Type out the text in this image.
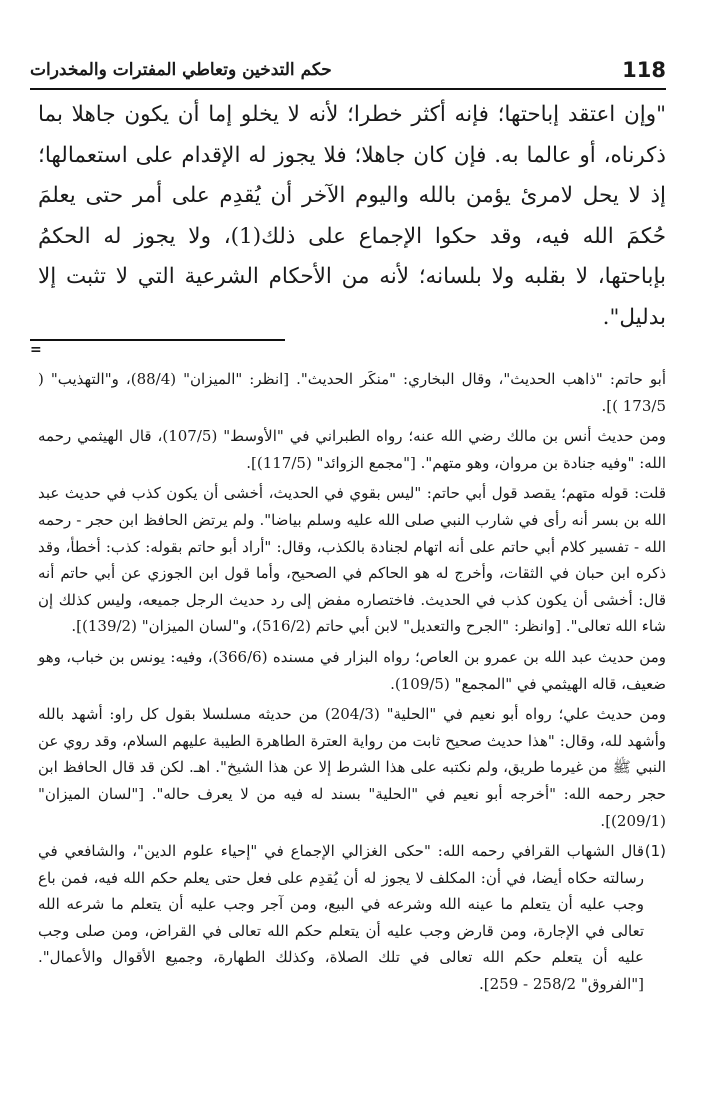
حكم التدخين وتعاطي المفترات والمخدرات	118

"وإن اعتقد إباحتها؛ فإنه أكثر خطرا؛ لأنه لا يخلو إما أن يكون جاهلا بما ذكرناه، أو عالما به. فإن كان جاهلا؛ فلا يجوز له الإقدام على استعمالها؛ إذ لا يحل لامرئ يؤمن بالله واليوم الآخر أن يُقدِم على أمر حتى يعلمَ حُكمَ الله فيه، وقد حكوا الإجماع على ذلك(1)، ولا يجوز له الحكمُ بإباحتها، لا بقلبه ولا بلسانه؛ لأنه من الأحكام الشرعية التي لا تثبت إلا بدليل".

=

أبو حاتم: "ذاهب الحديث"، وقال البخاري: "منكَر الحديث". [انظر: "الميزان" (88/4)، و"التهذيب" ( 173/5 )].

ومن حديث أنس بن مالك رضي الله عنه؛ رواه الطبراني في "الأوسط" (107/5)، قال الهيثمي رحمه الله: "وفيه جنادة بن مروان، وهو متهم". ["مجمع الزوائد" (117/5)].

قلت: قوله متهم؛ يقصد قول أبي حاتم: "ليس بقوي في الحديث، أخشى أن يكون كذب في حديث عبد الله بن بسر أنه رأى في شارب النبي صلى الله عليه وسلم بياضا". ولم يرتض الحافظ ابن حجر - رحمه الله - تفسير كلام أبي حاتم على أنه اتهام لجنادة بالكذب، وقال: "أراد أبو حاتم بقوله: كذب: أخطأ، وقد ذكره ابن حبان في الثقات، وأخرج له هو الحاكم في الصحيح، وأما قول ابن الجوزي عن أبي حاتم أنه قال: أخشى أن يكون كذب في الحديث. فاختصاره مفض إلى رد حديث الرجل جميعه، وليس كذلك إن شاء الله تعالى". [وانظر: "الجرح والتعديل" لابن أبي حاتم (516/2)، و"لسان الميزان" (139/2)].

ومن حديث عبد الله بن عمرو بن العاص؛ رواه البزار في مسنده (366/6)، وفيه: يونس بن خباب، وهو ضعيف، قاله الهيثمي في "المجمع" (109/5).

ومن حديث علي؛ رواه أبو نعيم في "الحلية" (204/3) من حديثه مسلسلا بقول كل راو: أشهد بالله وأشهد لله، وقال: "هذا حديث صحيح ثابت من رواية العترة الطاهرة الطيبة عليهم السلام، وقد روي عن النبي ﷺ من غيرما طريق، ولم نكتبه على هذا الشرط إلا عن هذا الشيخ". اهـ. لكن قد قال الحافظ ابن حجر رحمه الله: "أخرجه أبو نعيم في "الحلية" بسند له فيه من لا يعرف حاله". ["لسان الميزان" (209/1)].

(1)
قال الشهاب القرافي رحمه الله: "حكى الغزالي الإجماع في "إحياء علوم الدين"، والشافعي في رسالته حكاه أيضا، في أن: المكلف لا يجوز له أن يُقدِم على فعل حتى يعلم حكم الله فيه، فمن باع وجب عليه أن يتعلم ما عينه الله وشرعه في البيع، ومن آجر وجب عليه أن يتعلم ما شرعه الله تعالى في الإجارة، ومن قارض وجب عليه أن يتعلم حكم الله تعالى في القراض، ومن صلى وجب عليه أن يتعلم حكم الله تعالى في تلك الصلاة، وكذلك الطهارة، وجميع الأقوال والأعمال". ["الفروق" 258/2 - 259].
